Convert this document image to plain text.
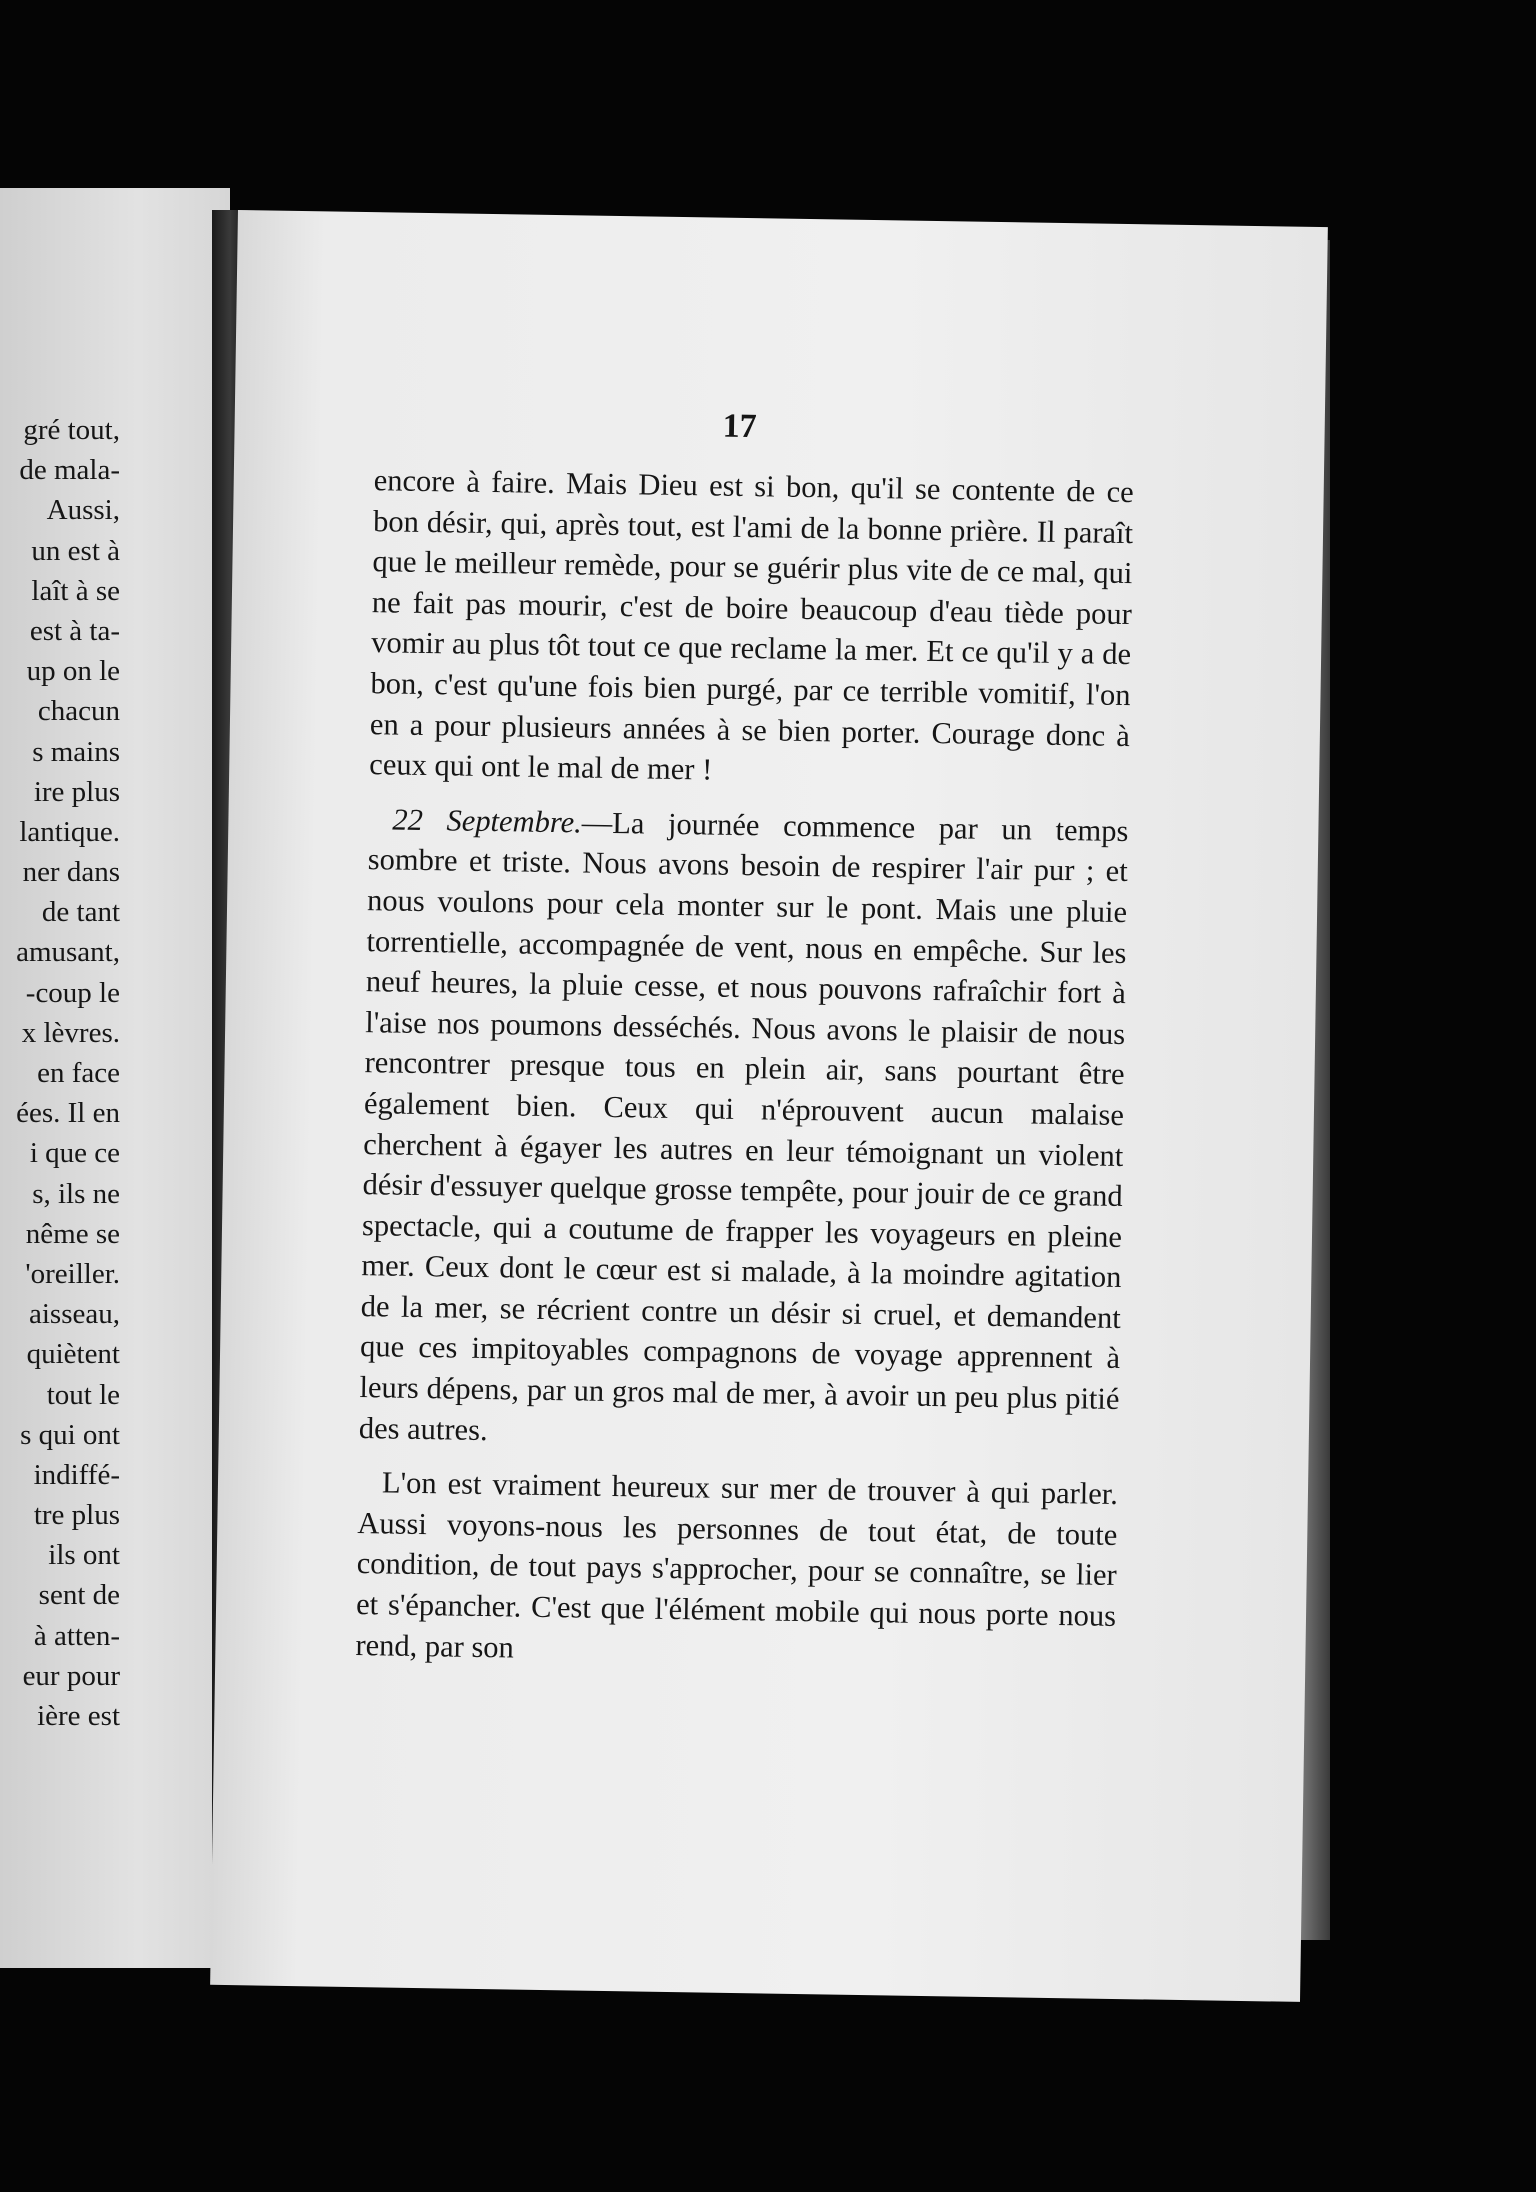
gré tout,
de mala-
Aussi,
un est à
laît à se
est à ta-
up on le
chacun
s mains
ire plus
lantique.
ner dans
de tant
amusant,
-coup le
x lèvres.
en face
ées. Il en
i que ce
s, ils ne
nême se
'oreiller.
aisseau,
quiètent
tout le
s qui ont
indiffé-
tre plus
ils ont
sent de
à atten-
eur pour
ière est
17

encore à faire. Mais Dieu est si bon, qu'il se contente de ce bon désir, qui, après tout, est l'ami de la bonne prière. Il paraît que le meilleur remède, pour se guérir plus vite de ce mal, qui ne fait pas mourir, c'est de boire beaucoup d'eau tiède pour vomir au plus tôt tout ce que reclame la mer. Et ce qu'il y a de bon, c'est qu'une fois bien purgé, par ce terrible vomitif, l'on en a pour plusieurs années à se bien porter. Courage donc à ceux qui ont le mal de mer !

22 Septembre.—La journée commence par un temps sombre et triste. Nous avons besoin de respirer l'air pur ; et nous voulons pour cela monter sur le pont. Mais une pluie torrentielle, accompagnée de vent, nous en empêche. Sur les neuf heures, la pluie cesse, et nous pouvons rafraîchir fort à l'aise nos poumons desséchés. Nous avons le plaisir de nous rencontrer presque tous en plein air, sans pourtant être également bien. Ceux qui n'éprouvent aucun malaise cherchent à égayer les autres en leur témoignant un violent désir d'essuyer quelque grosse tempête, pour jouir de ce grand spectacle, qui a coutume de frapper les voyageurs en pleine mer. Ceux dont le cœur est si malade, à la moindre agitation de la mer, se récrient contre un désir si cruel, et demandent que ces impitoyables compagnons de voyage apprennent à leurs dépens, par un gros mal de mer, à avoir un peu plus pitié des autres.

L'on est vraiment heureux sur mer de trouver à qui parler. Aussi voyons-nous les personnes de tout état, de toute condition, de tout pays s'approcher, pour se connaître, se lier et s'épancher. C'est que l'élément mobile qui nous porte nous rend, par son
